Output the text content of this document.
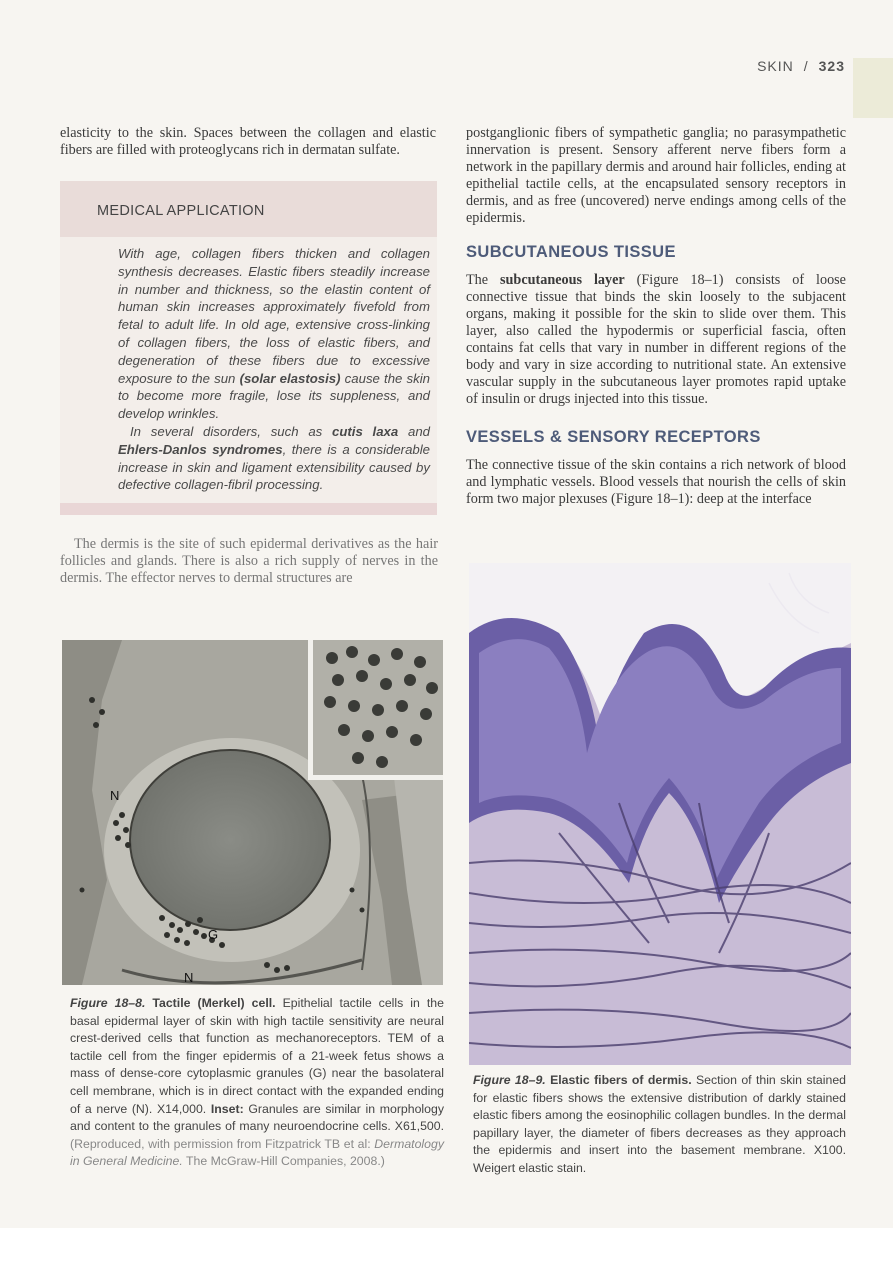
SKIN / 323

elasticity to the skin. Spaces between the collagen and elastic fibers are filled with proteoglycans rich in dermatan sulfate.

MEDICAL APPLICATION

With age, collagen fibers thicken and collagen synthesis decreases. Elastic fibers steadily increase in number and thickness, so the elastin content of human skin increases approximately fivefold from fetal to adult life. In old age, extensive cross-linking of collagen fibers, the loss of elastic fibers, and degeneration of these fibers due to excessive exposure to the sun (solar elastosis) cause the skin to become more fragile, lose its suppleness, and develop wrinkles.

In several disorders, such as cutis laxa and Ehlers-Danlos syndromes, there is a considerable increase in skin and ligament extensibility caused by defective collagen-fibril processing.

The dermis is the site of such epidermal derivatives as the hair follicles and glands. There is also a rich supply of nerves in the dermis. The effector nerves to dermal structures are

postganglionic fibers of sympathetic ganglia; no parasympathetic innervation is present. Sensory afferent nerve fibers form a network in the papillary dermis and around hair follicles, ending at epithelial tactile cells, at the encapsulated sensory receptors in dermis, and as free (uncovered) nerve endings among cells of the epidermis.

SUBCUTANEOUS TISSUE

The subcutaneous layer (Figure 18–1) consists of loose connective tissue that binds the skin loosely to the subjacent organs, making it possible for the skin to slide over them. This layer, also called the hypodermis or superficial fascia, often contains fat cells that vary in number in different regions of the body and vary in size according to nutritional state. An extensive vascular supply in the subcutaneous layer promotes rapid uptake of insulin or drugs injected into this tissue.

VESSELS & SENSORY RECEPTORS

The connective tissue of the skin contains a rich network of blood and lymphatic vessels. Blood vessels that nourish the cells of skin form two major plexuses (Figure 18–1): deep at the interface

N
G
N
Figure 18–8. Tactile (Merkel) cell. Epithelial tactile cells in the basal epidermal layer of skin with high tactile sensitivity are neural crest-derived cells that function as mechanoreceptors. TEM of a tactile cell from the finger epidermis of a 21-week fetus shows a mass of dense-core cytoplasmic granules (G) near the basolateral cell membrane, which is in direct contact with the expanded ending of a nerve (N). X14,000. Inset: Granules are similar in morphology and content to the granules of many neuroendocrine cells. X61,500. (Reproduced, with permission from Fitzpatrick TB et al: Dermatology in General Medicine. The McGraw-Hill Companies, 2008.)
Figure 18–9. Elastic fibers of dermis. Section of thin skin stained for elastic fibers shows the extensive distribution of darkly stained elastic fibers among the eosinophilic collagen bundles. In the dermal papillary layer, the diameter of fibers decreases as they approach the epidermis and insert into the basement membrane. X100. Weigert elastic stain.
